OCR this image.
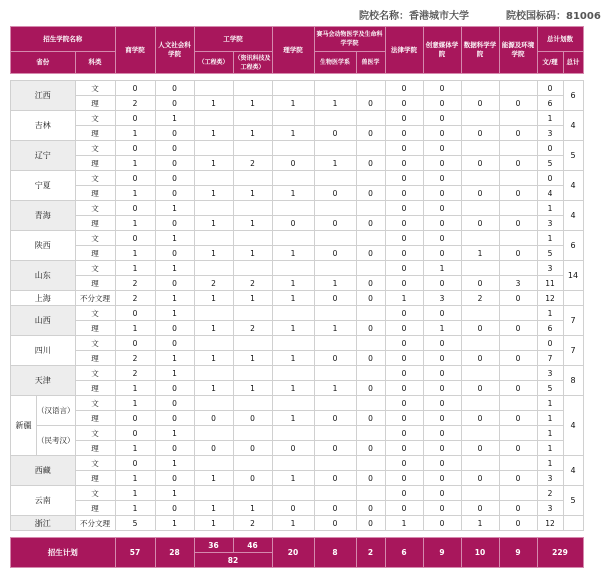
院校名称：香港城市大学	院校国标码：81006
招生学院名称			商学院	人文社会科学院	工学院		理学院	赛马会动物医学及生命科学学院		法律学院	创意媒体学院	数据科学学院	能源及环境学院	总计划数	
省份		科类			（工程类）	（资讯科技及工程类）		生物医学系	兽医学					文/理	总计

江西		文	0	0						0	0			0	6
		理	2	0	1	1	1	1	0	0	0	0	0	6	
吉林		文	0	1						0	0			1	4
		理	1	0	1	1	1	0	0	0	0	0	0	3	
辽宁		文	0	0						0	0			0	5
		理	1	0	1	2	0	1	0	0	0	0	0	5	
宁夏		文	0	0						0	0			0	4
		理	1	0	1	1	1	0	0	0	0	0	0	4	
青海		文	0	1						0	0			1	4
		理	1	0	1	1	0	0	0	0	0	0	0	3	
陕西		文	0	1						0	0			1	6
		理	1	0	1	1	1	0	0	0	0	1	0	5	
山东		文	1	1						0	1			3	14
		理	2	0	2	2	1	1	0	0	0	0	3	11	
上海		不分文理	2	1	1	1	1	0	0	1	3	2	0	12	
山西		文	0	1						0	0			1	7
		理	1	0	1	2	1	1	0	0	1	0	0	6	
四川		文	0	0						0	0			0	7
		理	2	1	1	1	1	0	0	0	0	0	0	7	
天津		文	2	1						0	0			3	8
		理	1	0	1	1	1	1	0	0	0	0	0	5	
新疆	（汉语言）	文	1	0						0	0			1	4
		理	0	0	0	0	1	0	0	0	0	0	0	1	
	（民考汉）	文	0	1						0	0			1	
		理	1	0	0	0	0	0	0	0	0	0	0	1	
西藏		文	0	1						0	0			1	4
		理	1	0	1	0	1	0	0	0	0	0	0	3	
云南		文	1	1						0	0			2	5
		理	1	0	1	1	0	0	0	0	0	0	0	3	
浙江		不分文理	5	1	1	2	1	0	0	1	0	1	0	12	

招生计划			57	28	36	46	20	8	2	6	9	10	9	229	
					82										
